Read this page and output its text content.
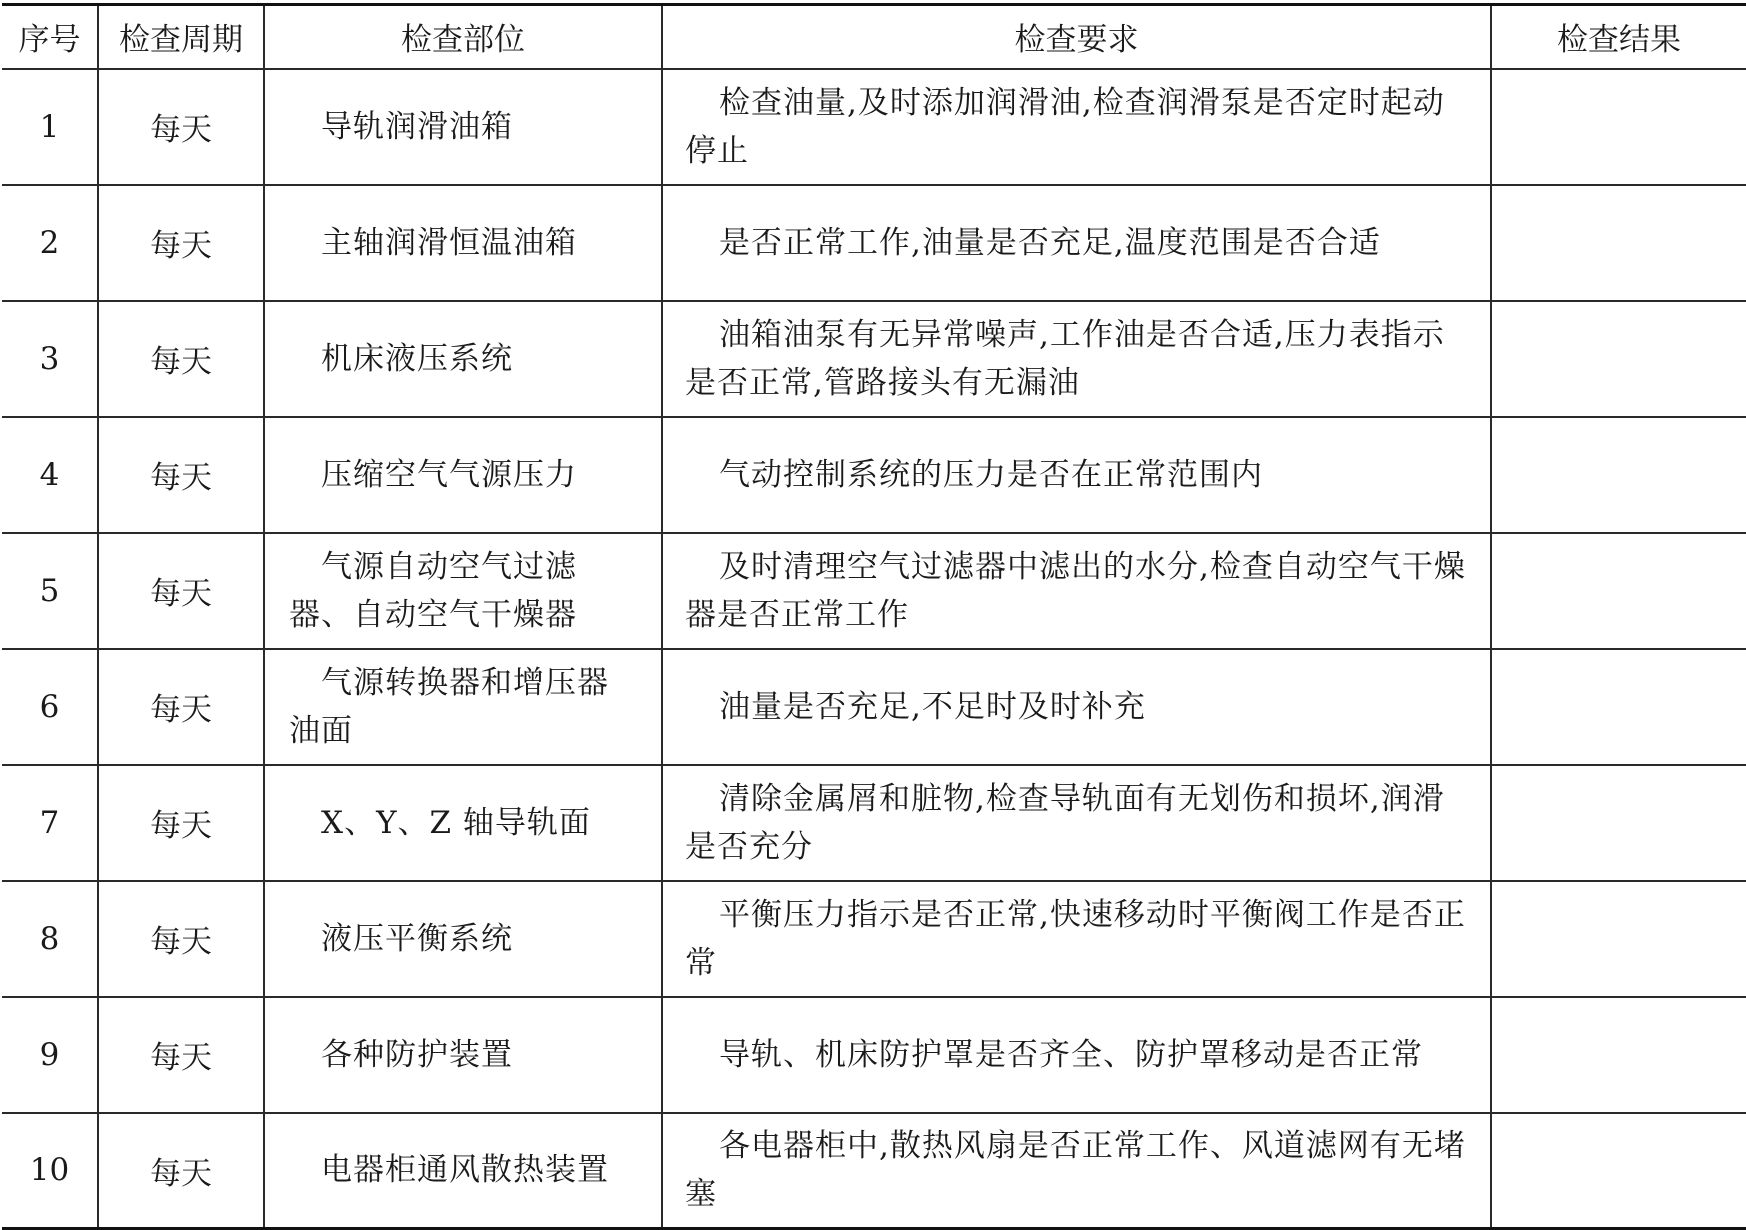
序号	检查周期	检查部位	检查要求	检查结果
1	每天	导轨润滑油箱	检查油量,及时添加润滑油,检查润滑泵是否定时起动停止	
2	每天	主轴润滑恒温油箱	是否正常工作,油量是否充足,温度范围是否合适	
3	每天	机床液压系统	油箱油泵有无异常噪声,工作油是否合适,压力表指示是否正常,管路接头有无漏油	
4	每天	压缩空气气源压力	气动控制系统的压力是否在正常范围内	
5	每天	气源自动空气过滤器、自动空气干燥器	及时清理空气过滤器中滤出的水分,检查自动空气干燥器是否正常工作	
6	每天	气源转换器和增压器油面	油量是否充足,不足时及时补充	
7	每天	X、Y、Z 轴导轨面	清除金属屑和脏物,检查导轨面有无划伤和损坏,润滑是否充分	
8	每天	液压平衡系统	平衡压力指示是否正常,快速移动时平衡阀工作是否正常	
9	每天	各种防护装置	导轨、机床防护罩是否齐全、防护罩移动是否正常	
10	每天	电器柜通风散热装置	各电器柜中,散热风扇是否正常工作、风道滤网有无堵塞	
